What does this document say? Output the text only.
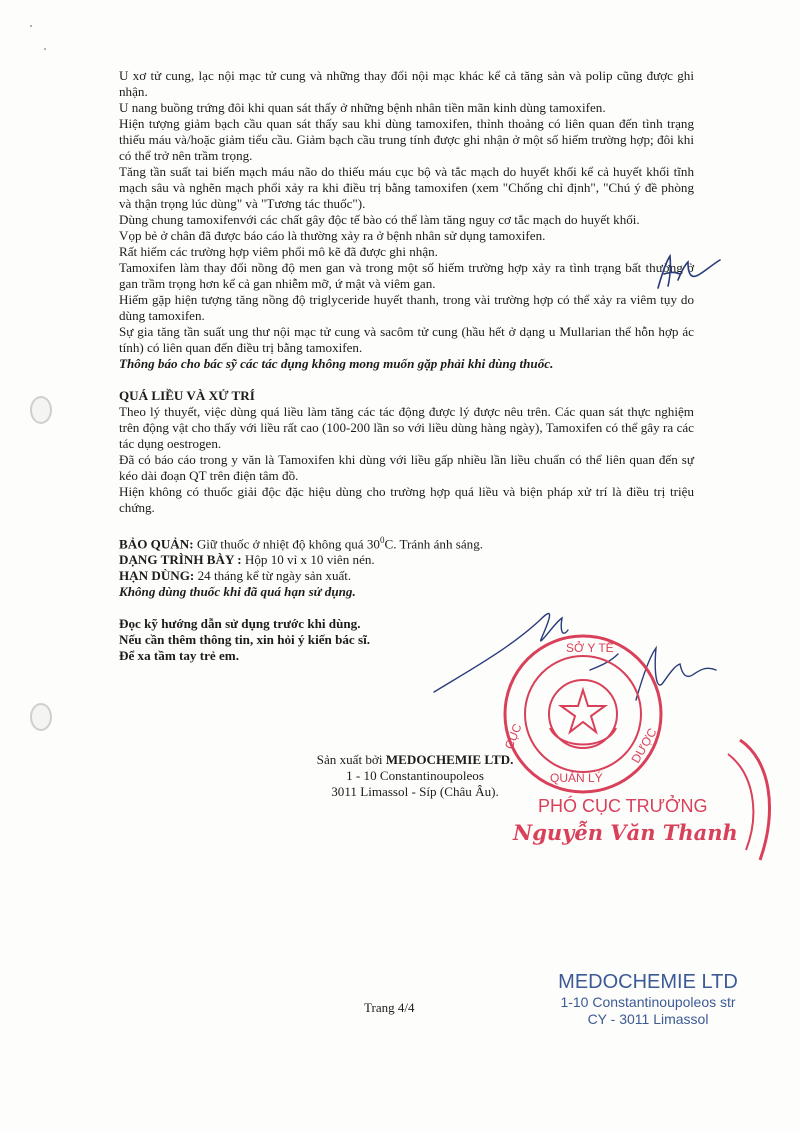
U xơ tử cung, lạc nội mạc tử cung và những thay đổi nội mạc khác kể cả tăng sản và polip cũng được ghi nhận.

U nang buồng trứng đôi khi quan sát thấy ở những bệnh nhân tiền mãn kinh dùng tamoxifen.

Hiện tượng giảm bạch cầu quan sát thấy sau khi dùng tamoxifen, thỉnh thoảng có liên quan đến tình trạng thiếu máu và/hoặc giảm tiểu cầu. Giảm bạch cầu trung tính được ghi nhận ở một số hiếm trường hợp; đôi khi có thể trở nên trầm trọng.

Tăng tần suất tai biến mạch máu não do thiếu máu cục bộ và tắc mạch do huyết khối kể cả huyết khối tĩnh mạch sâu và nghẽn mạch phổi xảy ra khi điều trị bằng tamoxifen (xem "Chống chỉ định", "Chú ý đề phòng và thận trọng lúc dùng" và "Tương tác thuốc").

Dùng chung tamoxifenvới các chất gây độc tế bào có thể làm tăng nguy cơ tắc mạch do huyết khối.

Vọp bẻ ở chân đã được báo cáo là thường xảy ra ở bệnh nhân sử dụng tamoxifen.

Rất hiếm các trường hợp viêm phổi mô kẽ đã được ghi nhận.

Tamoxifen làm thay đổi nồng độ men gan và trong một số hiếm trường hợp xảy ra tình trạng bất thường ở gan trầm trọng hơn kể cả gan nhiễm mỡ, ứ mật và viêm gan.

Hiếm gặp hiện tượng tăng nồng độ triglyceride huyết thanh, trong vài trường hợp có thể xảy ra viêm tụy do dùng tamoxifen.

Sự gia tăng tần suất ung thư nội mạc tử cung và sacôm tử cung (hầu hết ở dạng u Mullarian thể hỗn hợp ác tính) có liên quan đến điều trị bằng tamoxifen.

Thông báo cho bác sỹ các tác dụng không mong muốn gặp phải khi dùng thuốc.

QUÁ LIỀU VÀ XỬ TRÍ

Theo lý thuyết, việc dùng quá liều làm tăng các tác động được lý được nêu trên. Các quan sát thực nghiệm trên động vật cho thấy với liều rất cao (100-200 lần so với liều dùng hàng ngày), Tamoxifen có thể gây ra các tác dụng oestrogen.

Đã có báo cáo trong y văn là Tamoxifen khi dùng với liều gấp nhiều lần liều chuẩn có thể liên quan đến sự kéo dài đoạn QT trên điện tâm đồ.

Hiện không có thuốc giải độc đặc hiệu dùng cho trường hợp quá liều và biện pháp xử trí là điều trị triệu chứng.

BẢO QUẢN: Giữ thuốc ở nhiệt độ không quá $30^0C$. Tránh ánh sáng.

DẠNG TRÌNH BÀY : Hộp 10 vỉ x 10 viên nén.

HẠN DÙNG: 24 tháng kể từ ngày sản xuất.

Không dùng thuốc khi đã quá hạn sử dụng.

Đọc kỹ hướng dẫn sử dụng trước khi dùng.

Nếu cần thêm thông tin, xin hỏi ý kiến bác sĩ.

Để xa tầm tay trẻ em.

Sản xuất bởi MEDOCHEMIE LTD.

1 - 10 Constantinoupoleos

3011 Limassol - Síp (Châu Âu).

SỞ Y TẾ
CỤC
QUẢN LÝ
DƯỢC
PHÓ CỤC TRƯỞNG
Nguyễn Văn Thanh
MEDOCHEMIE LTD
1-10 Constantinoupoleos str
CY - 3011 Limassol
Trang 4/4
